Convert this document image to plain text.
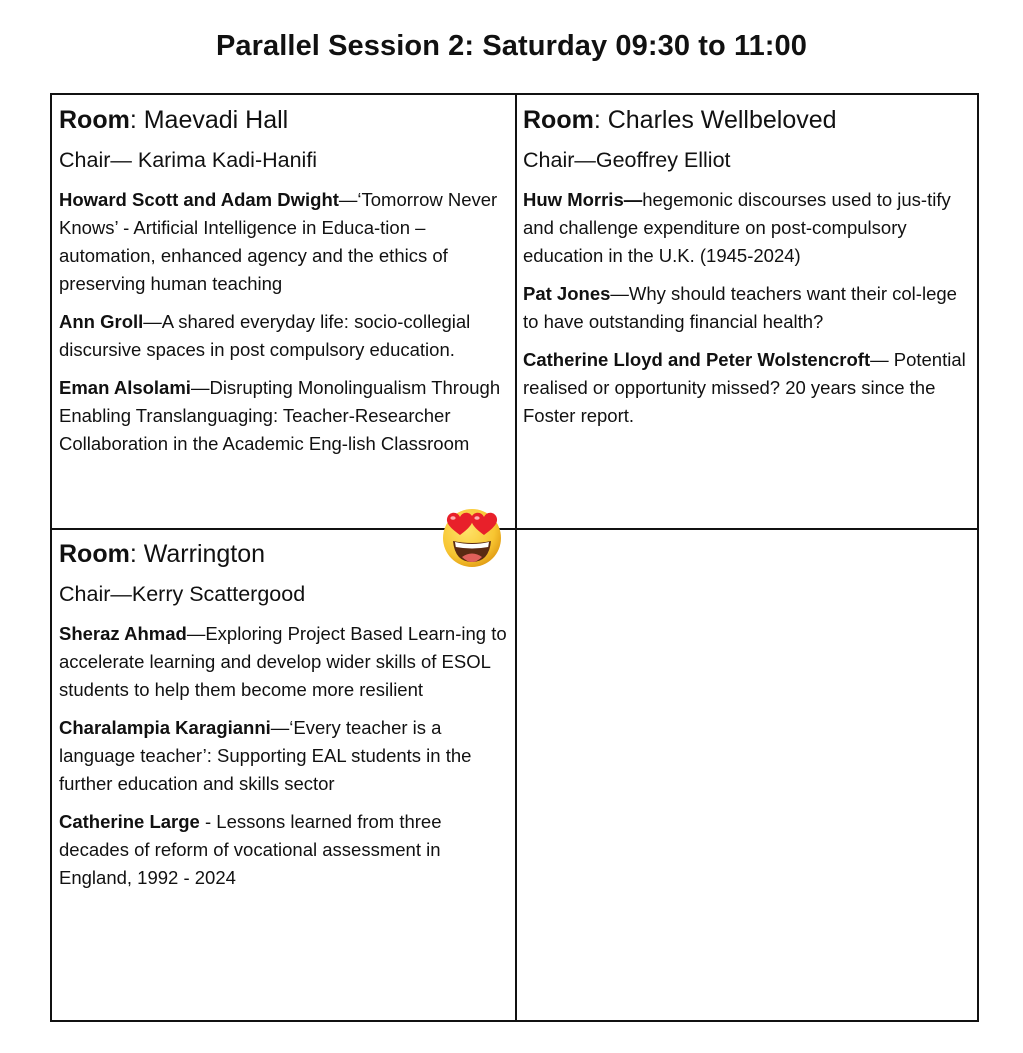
Parallel Session 2: Saturday 09:30 to 11:00
Room: Maevadi Hall
Chair— Karima Kadi-Hanifi
Howard Scott and Adam Dwight—‘Tomorrow Never Knows’ - Artificial Intelligence in Educa-tion – automation, enhanced agency and the ethics of preserving human teaching
Ann Groll—A shared everyday life: socio-collegial discursive spaces in post compulsory education.
Eman Alsolami—Disrupting Monolingualism Through Enabling Translanguaging: Teacher-Researcher Collaboration in the Academic Eng-lish Classroom
Room: Charles Wellbeloved
Chair—Geoffrey Elliot
Huw Morris—hegemonic discourses used to jus-tify and challenge expenditure on post-compulsory education in the U.K. (1945-2024)
Pat Jones—Why should teachers want their col-lege to have outstanding financial health?
Catherine Lloyd and Peter Wolstencroft— Potential realised or opportunity missed? 20 years since the Foster report.
Room: Warrington
Chair—Kerry Scattergood
Sheraz Ahmad—Exploring Project Based Learn-ing to accelerate learning and develop wider skills of ESOL students to help them become more resilient
Charalampia Karagianni—‘Every teacher is a language teacher’: Supporting EAL students in the further education and skills sector
Catherine Large - Lessons learned from three decades of reform of vocational assessment in England, 1992 - 2024
